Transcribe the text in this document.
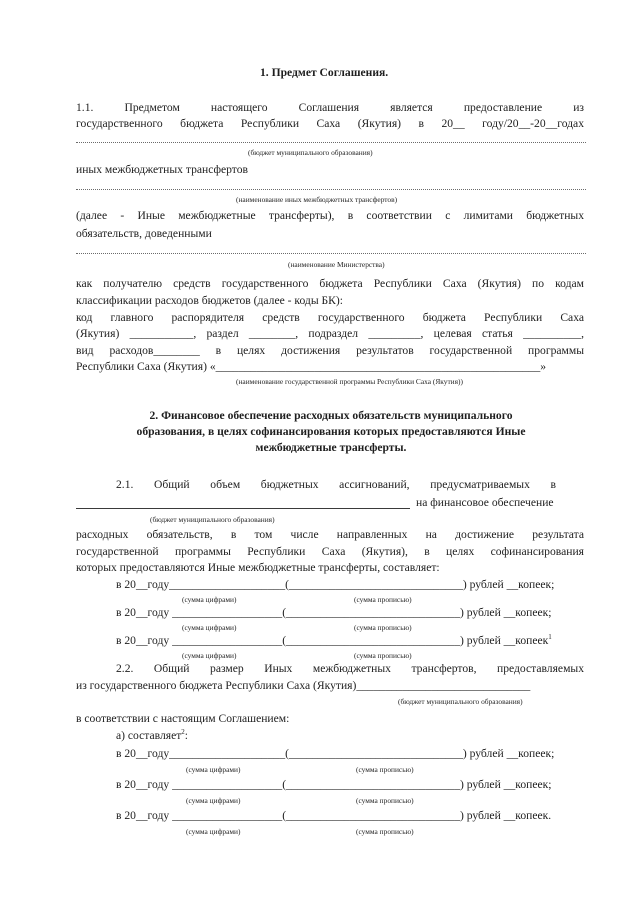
1. Предмет Соглашения.
1.1. Предметом настоящего Соглашения является предоставление из
государственного бюджета Республики Саха (Якутия) в 20__ году/20__-20__годах
(бюджет муниципального образования)
иных межбюджетных трансфертов
(наименование иных межбюджетных трансфертов)
(далее - Иные межбюджетные трансферты), в соответствии с лимитами бюджетных
обязательств, доведенными
(наименование Министерства)
как получателю средств государственного бюджета Республики Саха (Якутия) по кодам
классификации расходов бюджетов (далее - коды БК):
код главного распорядителя средств государственного бюджета Республики Саха
(Якутия) ___________, раздел ________, подраздел _________, целевая статья __________,
вид расходов________ в целях достижения результатов государственной программы
Республики Саха (Якутия) «________________________________________________________»
(наименование государственной программы Республики Саха (Якутия))
2. Финансовое обеспечение расходных обязательств муниципального
образования, в целях софинансирования которых предоставляются Иные
межбюджетные трансферты.
2.1. Общий объем бюджетных ассигнований, предусматриваемых в
на финансовое обеспечение
(бюджет муниципального образования)
расходных обязательств, в том числе направленных на достижение результата
государственной программы Республики Саха (Якутия), в целях софинансирования
которых предоставляются Иные межбюджетные трансферты, составляет:
в 20__году____________________(______________________________) рублей __копеек;
(сумма цифрами)	(сумма прописью)
в 20__году ___________________(______________________________) рублей __копеек;
(сумма цифрами)	(сумма прописью)
в 20__году ___________________(______________________________) рублей __копеек$^1$
(сумма цифрами)	(сумма прописью)
2.2. Общий размер Иных межбюджетных трансфертов, предоставляемых
из государственного бюджета Республики Саха (Якутия)______________________________
(бюджет муниципального образования)
в соответствии с настоящим Соглашением:
а) составляет$^2$:
в 20__году____________________(______________________________) рублей __копеек;
(сумма цифрами)	(сумма прописью)
в 20__году ___________________(______________________________) рублей __копеек;
(сумма цифрами)	(сумма прописью)
в 20__году ___________________(______________________________) рублей __копеек.
(сумма цифрами)	(сумма прописью)
